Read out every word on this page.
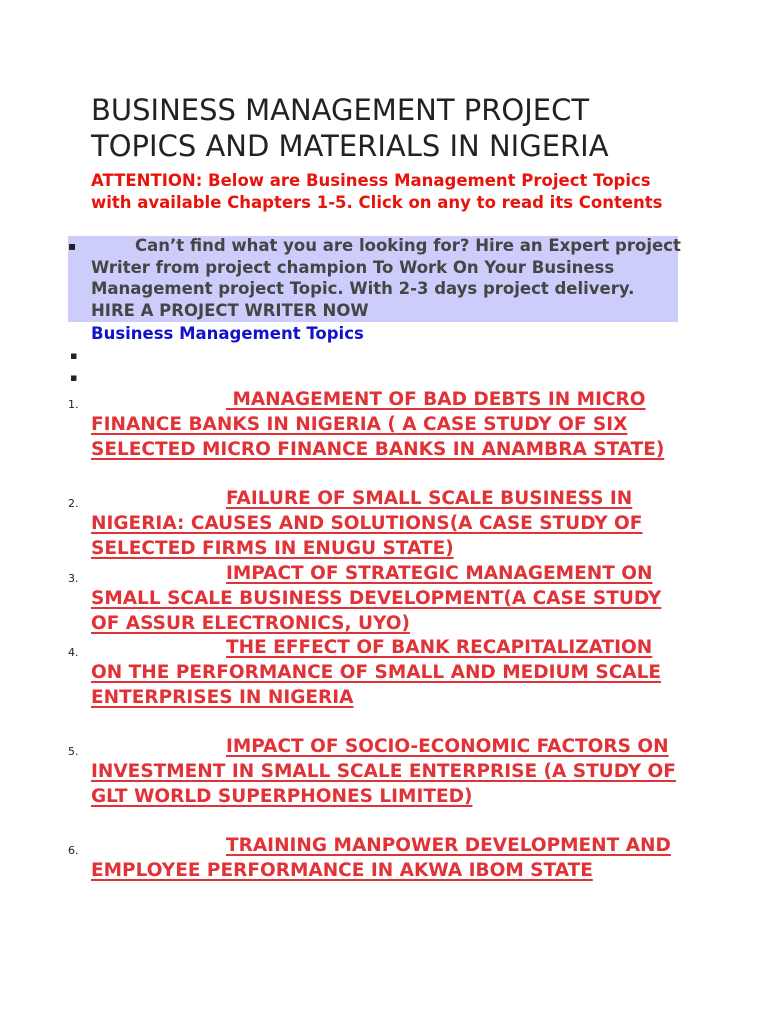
BUSINESS MANAGEMENT PROJECT TOPICS AND MATERIALS IN NIGERIA

ATTENTION: Below are Business Management Project Topics with available Chapters 1-5. Click on any to read its Contents

▪	Can’t find what you are looking for? Hire an Expert project Writer from project champion To Work On Your Business Management project Topic. With 2-3 days project delivery. HIRE A PROJECT WRITER NOW

Business Management Topics
▪
▪
1.	MANAGEMENT OF BAD DEBTS IN MICRO FINANCE BANKS IN NIGERIA ( A CASE STUDY OF SIX SELECTED MICRO FINANCE BANKS IN ANAMBRA STATE)

2.	FAILURE OF SMALL SCALE BUSINESS IN NIGERIA: CAUSES AND SOLUTIONS(A CASE STUDY OF SELECTED FIRMS IN ENUGU STATE)

3.	IMPACT OF STRATEGIC MANAGEMENT ON SMALL SCALE BUSINESS DEVELOPMENT(A CASE STUDY OF ASSUR ELECTRONICS, UYO)

4.	THE EFFECT OF BANK RECAPITALIZATION ON THE PERFORMANCE OF SMALL AND MEDIUM SCALE ENTERPRISES IN NIGERIA

5.	IMPACT OF SOCIO-ECONOMIC FACTORS ON INVESTMENT IN SMALL SCALE ENTERPRISE (A STUDY OF GLT WORLD SUPERPHONES LIMITED)

6.	TRAINING MANPOWER DEVELOPMENT AND EMPLOYEE PERFORMANCE IN AKWA IBOM STATE
